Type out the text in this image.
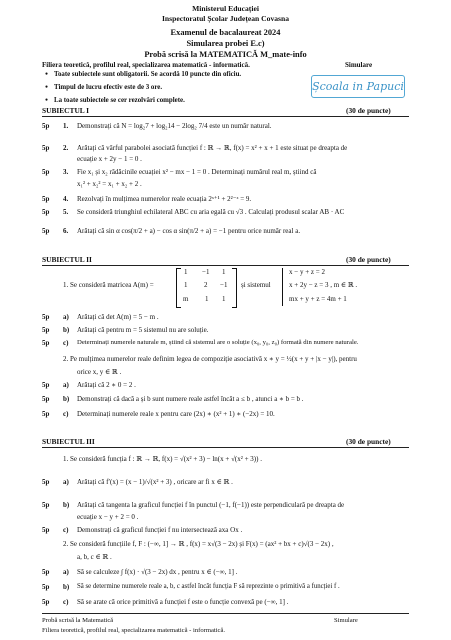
Ministerul Educației
Inspectoratul Școlar Județean Covasna
Examenul de bacalaureat 2024
Simularea probei E.c)
Probă scrisă la MATEMATICĂ M_mate-info
Filiera teoretică, profilul real, specializarea matematică - informatică.	Simulare
● Toate subiectele sunt obligatorii. Se acordă 10 puncte din oficiu.
● Timpul de lucru efectiv este de 3 ore.
● La toate subiectele se cer rezolvări complete.
Școala in Papuci
SUBIECTUL I	(30 de puncte)
5p 1. Demonstrați că N = log₂7 + log₂14 − 2log₂ 7/4 este un număr natural.
5p 2. Arătați că vârful parabolei asociată funcției f : ℝ → ℝ, f(x) = x² + x + 1 este situat pe dreapta de
ecuație x + 2y − 1 = 0 .
5p 3. Fie x₁ și x₂ rădăcinile ecuației x² − mx − 1 = 0 . Determinați numărul real m, știind că
x₁² + x₂² = x₁ + x₂ + 2 .
5p 4. Rezolvați în mulțimea numerelor reale ecuația 2ˣ⁺¹ + 2²⁻ˣ = 9.
5p 5. Se consideră triunghiul echilateral ABC cu aria egală cu √3 . Calculați produsul scalar AB · AC
5p 6. Arătați că sin α cos(π/2 + a) − cos α sin(π/2 + a) = −1 pentru orice număr real a.
SUBIECTUL II	(30 de puncte)
1. Se consideră matricea A(m) =
1 −1 1
1 2 −1
m 1 1
și sistemul
x − y + z = 2
x + 2y − z = 3 , m ∈ ℝ .
mx + y + z = 4m + 1
5p a) Arătați că det A(m) = 5 − m .
5p b) Arătați că pentru m = 5 sistemul nu are soluție.
5p c) Determinați numerele naturale m, știind că sistemul are o soluție (x₀, y₀, z₀) formată din numere naturale.
2. Pe mulțimea numerelor reale definim legea de compoziție asociativă x ∗ y = ½(x + y + |x − y|), pentru
orice x, y ∈ ℝ .
5p a) Arătați că 2 ∗ 0 = 2 .
5p b) Demonstrați că dacă a și b sunt numere reale astfel încât a ≤ b , atunci a ∗ b = b .
5p c) Determinați numerele reale x pentru care (2x) ∗ (x² + 1) ∗ (−2x) = 10.
SUBIECTUL III	(30 de puncte)
1. Se consideră funcția f : ℝ → ℝ, f(x) = √(x² + 3) − ln(x + √(x² + 3)) .
5p a) Arătați că f′(x) = (x − 1)/√(x² + 3) , oricare ar fi x ∈ ℝ .
5p b) Arătați că tangenta la graficul funcției f în punctul (−1, f(−1)) este perpendiculară pe dreapta de
ecuație x − y + 2 = 0 .
5p c) Demonstrați că graficul funcției f nu intersectează axa Ox .
2. Se consideră funcțiile f, F : (−∞, 1] → ℝ , f(x) = x√(3 − 2x) și F(x) = (ax² + bx + c)√(3 − 2x) ,
a, b, c ∈ ℝ .
5p a) Să se calculeze ∫ f(x) · √(3 − 2x) dx , pentru x ∈ (−∞, 1] .
5p b) Să se determine numerele reale a, b, c astfel încât funcția F să reprezinte o primitivă a funcției f .
5p c) Să se arate că orice primitivă a funcției f este o funcție convexă pe (−∞, 1] .
Probă scrisă la Matematică
Filiera teoretică, profilul real, specializarea matematică - informatică.
Simulare
